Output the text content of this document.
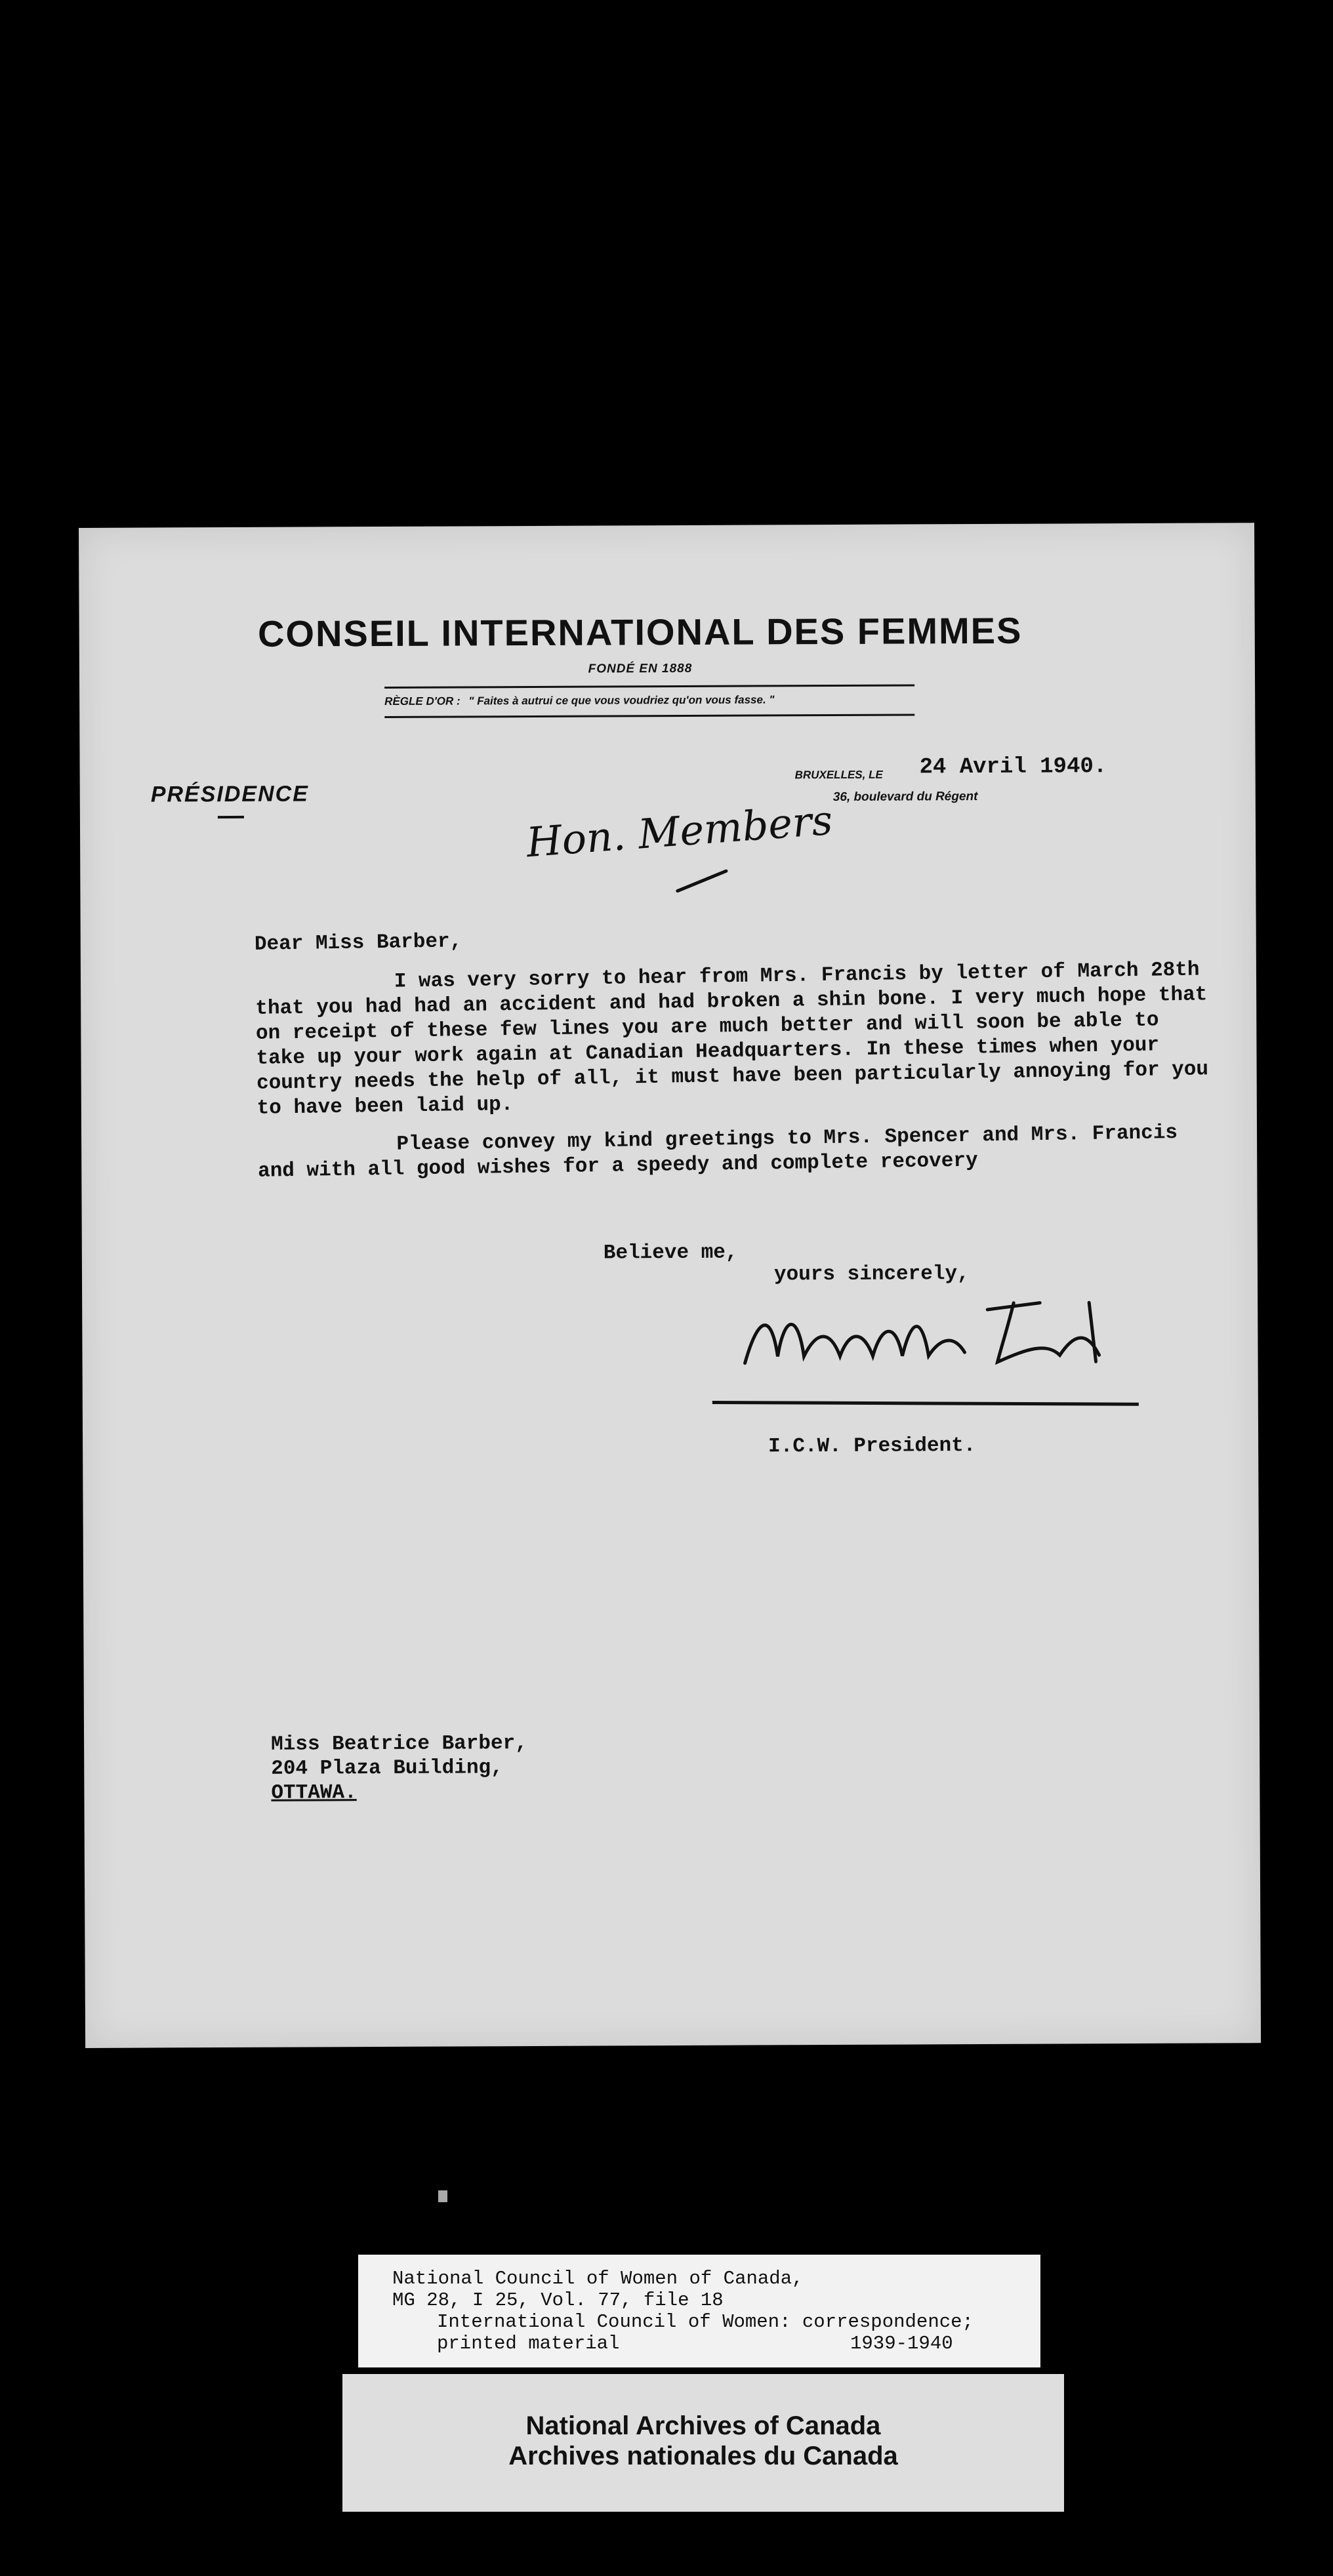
CONSEIL INTERNATIONAL DES FEMMES
FONDÉ EN 1888
RÈGLE D'OR : " Faites à autrui ce que vous voudriez qu'on vous fasse. "
PRÉSIDENCE
BRUXELLES, LE 24 Avril 1940.
36, boulevard du Régent
Hon. Members

Dear Miss Barber,

I was very sorry to hear from Mrs. Francis by letter of March 28th that you had had an accident and had broken a shin bone. I very much hope that on receipt of these few lines you are much better and will soon be able to take up your work again at Canadian Headquarters. In these times when your country needs the help of all, it must have been particularly annoying for you to have been laid up.

Please convey my kind greetings to Mrs. Spencer and Mrs. Francis and with all good wishes for a speedy and complete recovery

Believe me,
yours sincerely,
I.C.W. President.
Miss Beatrice Barber,
204 Plaza Building,
OTTAWA.
National Council of Women of Canada,
MG 28, I 25, Vol. 77, file 18
International Council of Women: correspondence;
printed material	1939-1940
National Archives of Canada
Archives nationales du Canada
